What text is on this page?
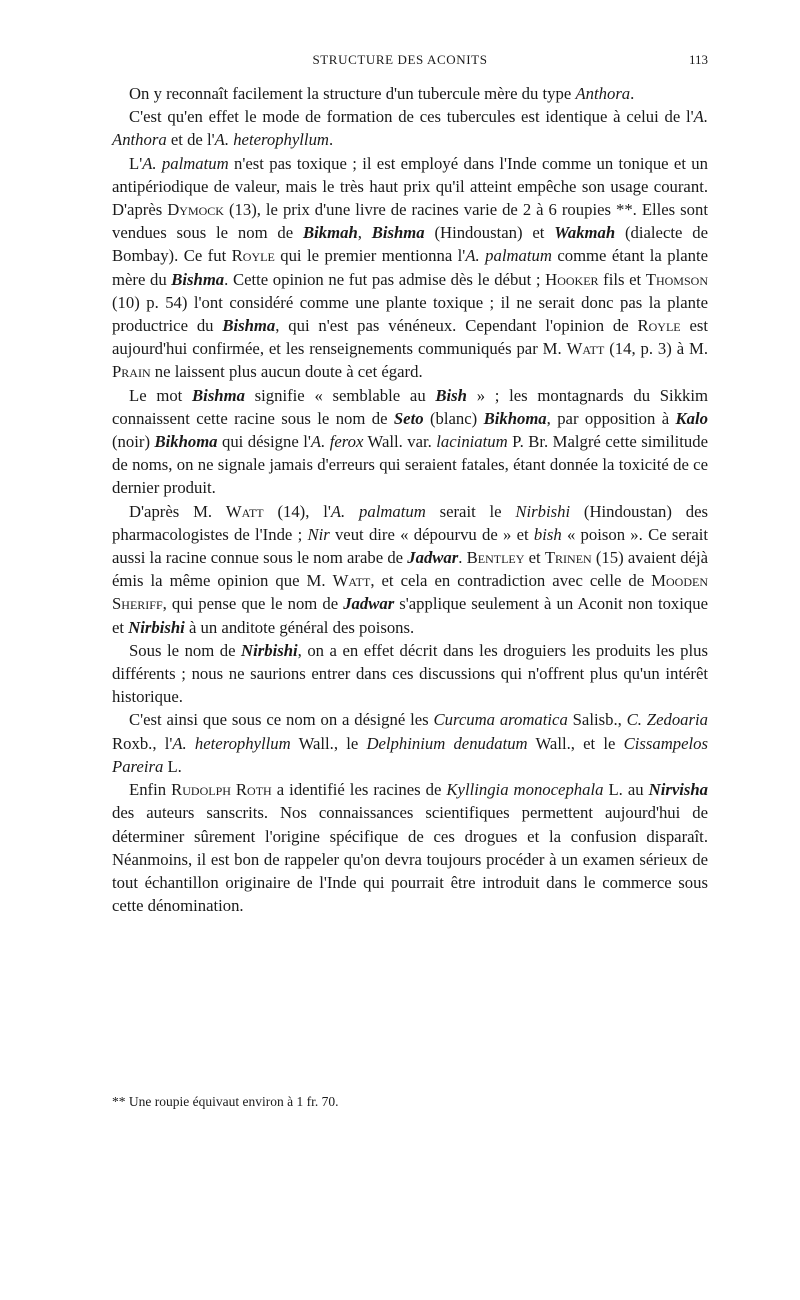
STRUCTURE DES ACONITS	113

On y reconnaît facilement la structure d'un tubercule mère du type Anthora.

C'est qu'en effet le mode de formation de ces tubercules est identique à celui de l'A. Anthora et de l'A. heterophyllum.

L'A. palmatum n'est pas toxique ; il est employé dans l'Inde comme un tonique et un antipériodique de valeur, mais le très haut prix qu'il atteint empêche son usage courant. D'après Dymock (13), le prix d'une livre de racines varie de 2 à 6 roupies **. Elles sont vendues sous le nom de Bikmah, Bishma (Hindoustan) et Wakmah (dialecte de Bombay). Ce fut Royle qui le premier mentionna l'A. palmatum comme étant la plante mère du Bishma. Cette opinion ne fut pas admise dès le début ; Hooker fils et Thomson (10) p. 54) l'ont considéré comme une plante toxique ; il ne serait donc pas la plante productrice du Bishma, qui n'est pas vénéneux. Cependant l'opinion de Royle est aujourd'hui confirmée, et les renseignements communiqués par M. Watt (14, p. 3) à M. Prain ne laissent plus aucun doute à cet égard.

Le mot Bishma signifie « semblable au Bish » ; les montagnards du Sikkim connaissent cette racine sous le nom de Seto (blanc) Bikhoma, par opposition à Kalo (noir) Bikhoma qui désigne l'A. ferox Wall. var. laciniatum P. Br. Malgré cette similitude de noms, on ne signale jamais d'erreurs qui seraient fatales, étant donnée la toxicité de ce dernier produit.

D'après M. Watt (14), l'A. palmatum serait le Nirbishi (Hindoustan) des pharmacologistes de l'Inde ; Nir veut dire « dépourvu de » et bish « poison ». Ce serait aussi la racine connue sous le nom arabe de Jadwar. Bentley et Trinen (15) avaient déjà émis la même opinion que M. Watt, et cela en contradiction avec celle de Mooden Sheriff, qui pense que le nom de Jadwar s'applique seulement à un Aconit non toxique et Nirbishi à un anditote général des poisons.

Sous le nom de Nirbishi, on a en effet décrit dans les droguiers les produits les plus différents ; nous ne saurions entrer dans ces discussions qui n'offrent plus qu'un intérêt historique.

C'est ainsi que sous ce nom on a désigné les Curcuma aromatica Salisb., C. Zedoaria Roxb., l'A. heterophyllum Wall., le Delphinium denudatum Wall., et le Cissampelos Pareira L.

Enfin Rudolph Roth a identifié les racines de Kyllingia monocephala L. au Nirvisha des auteurs sanscrits. Nos connaissances scientifiques permettent aujourd'hui de déterminer sûrement l'origine spécifique de ces drogues et la confusion disparaît. Néanmoins, il est bon de rappeler qu'on devra toujours procéder à un examen sérieux de tout échantillon originaire de l'Inde qui pourrait être introduit dans le commerce sous cette dénomination.

** Une roupie équivaut environ à 1 fr. 70.
